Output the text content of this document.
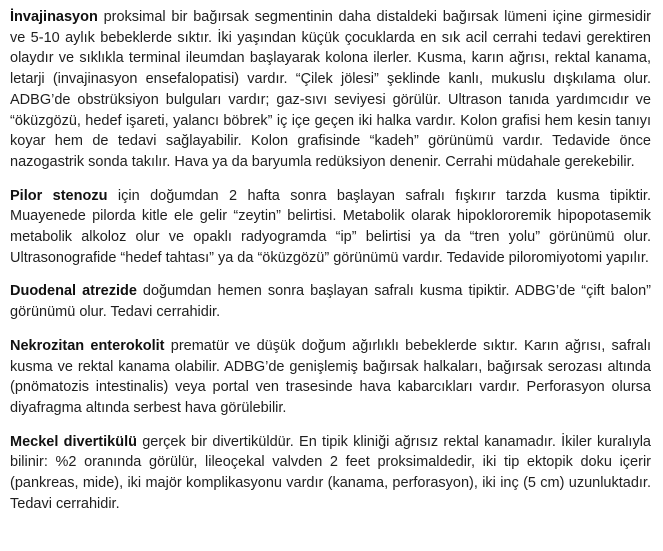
İnvajinasyon proksimal bir bağırsak segmentinin daha distaldeki bağırsak lümeni içine girmesidir ve 5-10 aylık bebeklerde sıktır. İki yaşından küçük çocuklarda en sık acil cerrahi tedavi gerektiren olaydır ve sıklıkla terminal ileumdan başlayarak kolona ilerler. Kusma, karın ağrısı, rektal kanama, letarji (invajinasyon ensefalopatisi) vardır. “Çilek jölesi” şeklinde kanlı, mukuslu dışkılama olur. ADBG’de obstrüksiyon bulguları vardır; gaz-sıvı seviyesi görülür. Ultrason tanıda yardımcıdır ve “öküzgözü, hedef işareti, yalancı böbrek” iç içe geçen iki halka vardır. Kolon grafisi hem kesin tanıyı koyar hem de tedavi sağlayabilir. Kolon grafisinde “kadeh” görünümü vardır. Tedavide önce nazogastrik sonda takılır. Hava ya da baryumla redüksiyon denenir. Cerrahi müdahale gerekebilir.

Pilor stenozu için doğumdan 2 hafta sonra başlayan safralı fışkırır tarzda kusma tipiktir. Muayenede pilorda kitle ele gelir “zeytin” belirtisi. Metabolik olarak hipoklororemik hipopotasemik metabolik alkoloz olur ve opaklı radyogramda “ip” belirtisi ya da “tren yolu” görünümü olur. Ultrasonografide “hedef tahtası” ya da “öküzgözü” görünümü vardır. Tedavide piloromiyotomi yapılır.

Duodenal atrezide doğumdan hemen sonra başlayan safralı kusma tipiktir. ADBG’de “çift balon” görünümü olur. Tedavi cerrahidir.

Nekrozitan enterokolit prematür ve düşük doğum ağırlıklı bebeklerde sıktır. Karın ağrısı, safralı kusma ve rektal kanama olabilir. ADBG’de genişlemiş bağırsak halkaları, bağırsak serozası altında (pnömatozis intestinalis) veya portal ven trasesinde hava kabarcıkları vardır. Perforasyon olursa diyafragma altında serbest hava görülebilir.

Meckel divertikülü gerçek bir divertiküldür. En tipik kliniği ağrısız rektal kanamadır. İkiler kuralıyla bilinir: %2 oranında görülür, lileoçekal valvden 2 feet proksimaldedir, iki tip ektopik doku içerir (pankreas, mide), iki majör komplikasyonu vardır (kanama, perforasyon), iki inç (5 cm) uzunluktadır. Tedavi cerrahidir.
